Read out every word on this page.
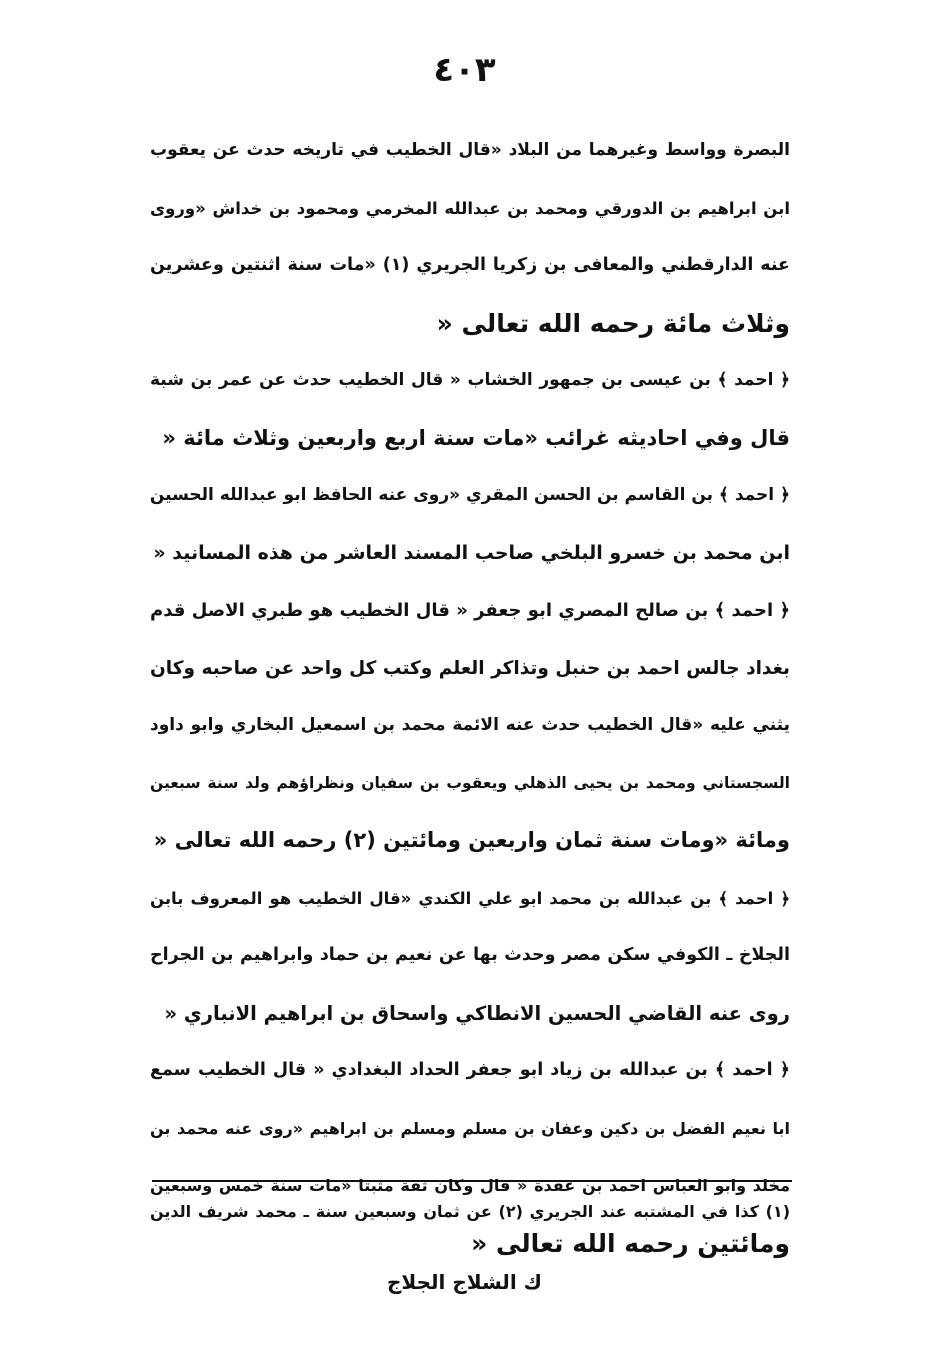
٤٠٣
البصرة وواسط وغيرهما من البلاد «قال الخطيب في تاريخه حدث عن يعقوب
ابن ابراهيم بن الدورقي ومحمد بن عبدالله المخرمي ومحمود بن خداش «وروى
عنه الدارقطني والمعافى بن زكريا الجريري (١) «مات سنة اثنتين وعشرين
وثلاث مائة رحمه الله تعالى «
﴿ احمد ﴾ بن عيسى بن جمهور الخشاب « قال الخطيب حدث عن عمر بن شبة
قال وفي احاديثه غرائب «مات سنة اربع واربعين وثلاث مائة «
﴿ احمد ﴾ بن القاسم بن الحسن المقري «روى عنه الحافظ ابو عبدالله الحسين
ابن محمد بن خسرو البلخي صاحب المسند العاشر من هذه المسانيد «
﴿ احمد ﴾ بن صالح المصري ابو جعفر « قال الخطيب هو طبري الاصل قدم
بغداد جالس احمد بن حنبل وتذاكر العلم وكتب كل واحد عن صاحبه وكان
يثني عليه «قال الخطيب حدث عنه الائمة محمد بن اسمعيل البخاري وابو داود
السجستاني ومحمد بن يحيى الذهلي ويعقوب بن سفيان ونظراؤهم ولد سنة سبعين
ومائة «ومات سنة ثمان واربعين ومائتين (٢) رحمه الله تعالى «
﴿ احمد ﴾ بن عبدالله بن محمد ابو علي الكندي «قال الخطيب هو المعروف بابن
الجلاخ ـ الكوفي سكن مصر وحدث بها عن نعيم بن حماد وابراهيم بن الجراح
روى عنه القاضي الحسين الانطاكي واسحاق بن ابراهيم الانباري «
﴿ احمد ﴾ بن عبدالله بن زياد ابو جعفر الحداد البغدادي « قال الخطيب سمع
ابا نعيم الفضل بن دكين وعفان بن مسلم ومسلم بن ابراهيم «روى عنه محمد بن
مخلد وابو العباس احمد بن عقدة « قال وكان ثقة مثبتا «مات سنة خمس وسبعين
ومائتين رحمه الله تعالى «
(١) كذا في المشتبه عند الجريري (٢) عن ثمان وسبعين سنة ـ محمد شريف الدين
ك الشلاج الجلاج
